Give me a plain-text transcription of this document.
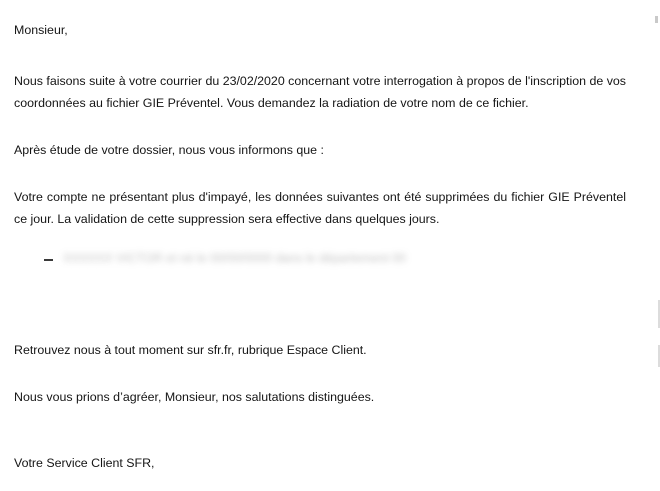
Monsieur,

Nous faisons suite à votre courrier du 23/02/2020 concernant votre interrogation à propos de l'inscription de vos coordonnées au fichier GIE Préventel. Vous demandez la radiation de votre nom de ce fichier.

Après étude de votre dossier, nous vous informons que :

Votre compte ne présentant plus d'impayé, les données suivantes ont été supprimées du fichier GIE Préventel ce jour. La validation de cette suppression sera effective dans quelques jours.

XXXXXX VICTOR et né le 00/00/0000 dans le département 00

Retrouvez nous à tout moment sur sfr.fr, rubrique Espace Client.

Nous vous prions d’agréer, Monsieur, nos salutations distinguées.

Votre Service Client SFR,
